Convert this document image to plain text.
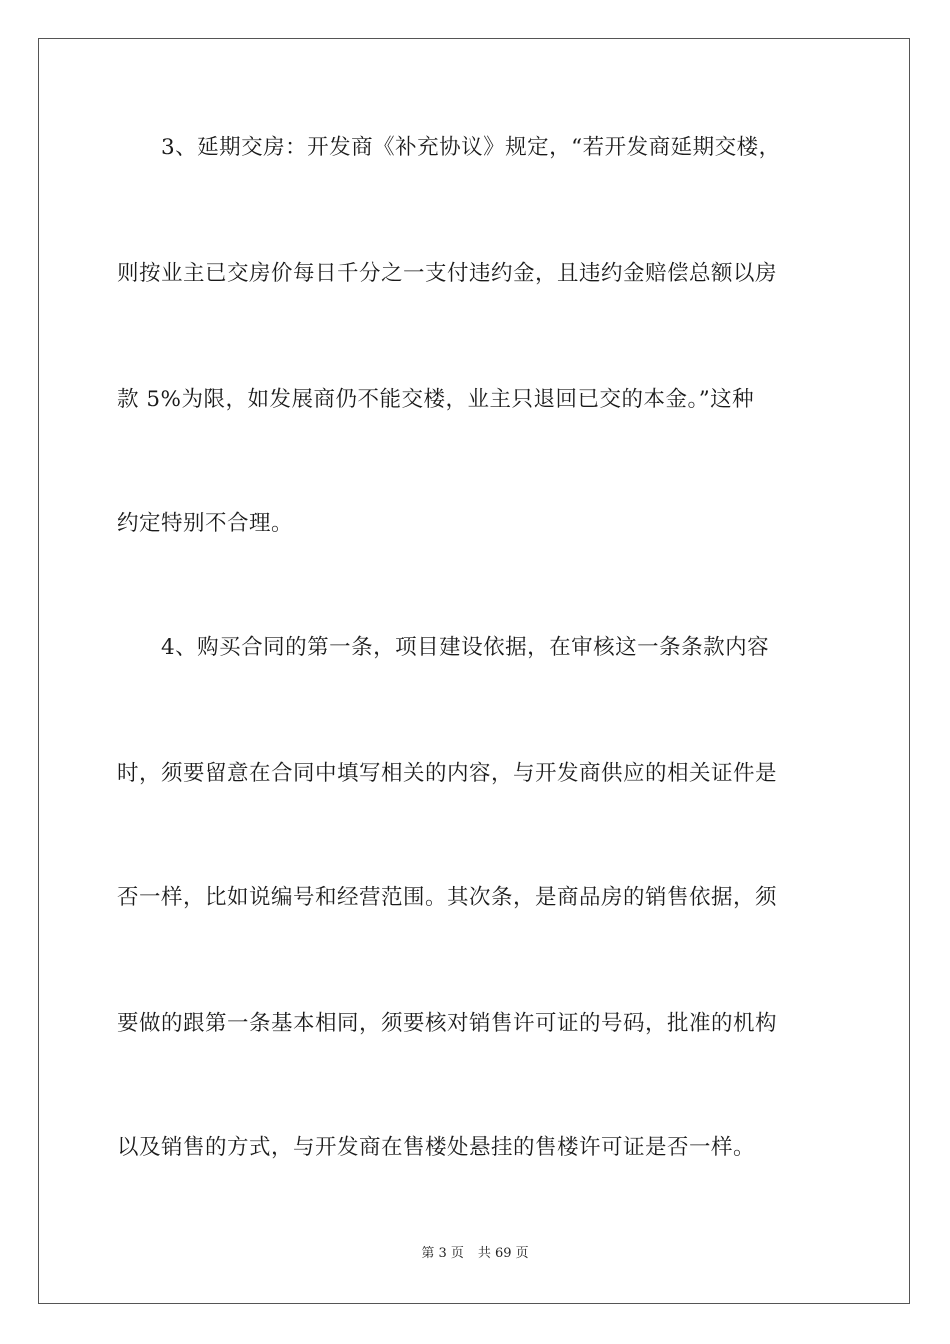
　　3、延期交房：开发商《补充协议》规定，“若开发商延期交楼，
则按业主已交房价每日千分之一支付违约金，且违约金赔偿总额以房
款 5%为限，如发展商仍不能交楼，业主只退回已交的本金。”这种
约定特别不合理。
　　4、购买合同的第一条，项目建设依据，在审核这一条条款内容
时，须要留意在合同中填写相关的内容，与开发商供应的相关证件是
否一样，比如说编号和经营范围。其次条，是商品房的销售依据，须
要做的跟第一条基本相同，须要核对销售许可证的号码，批准的机构
以及销售的方式，与开发商在售楼处悬挂的售楼许可证是否一样。
第 3 页 共 69 页
